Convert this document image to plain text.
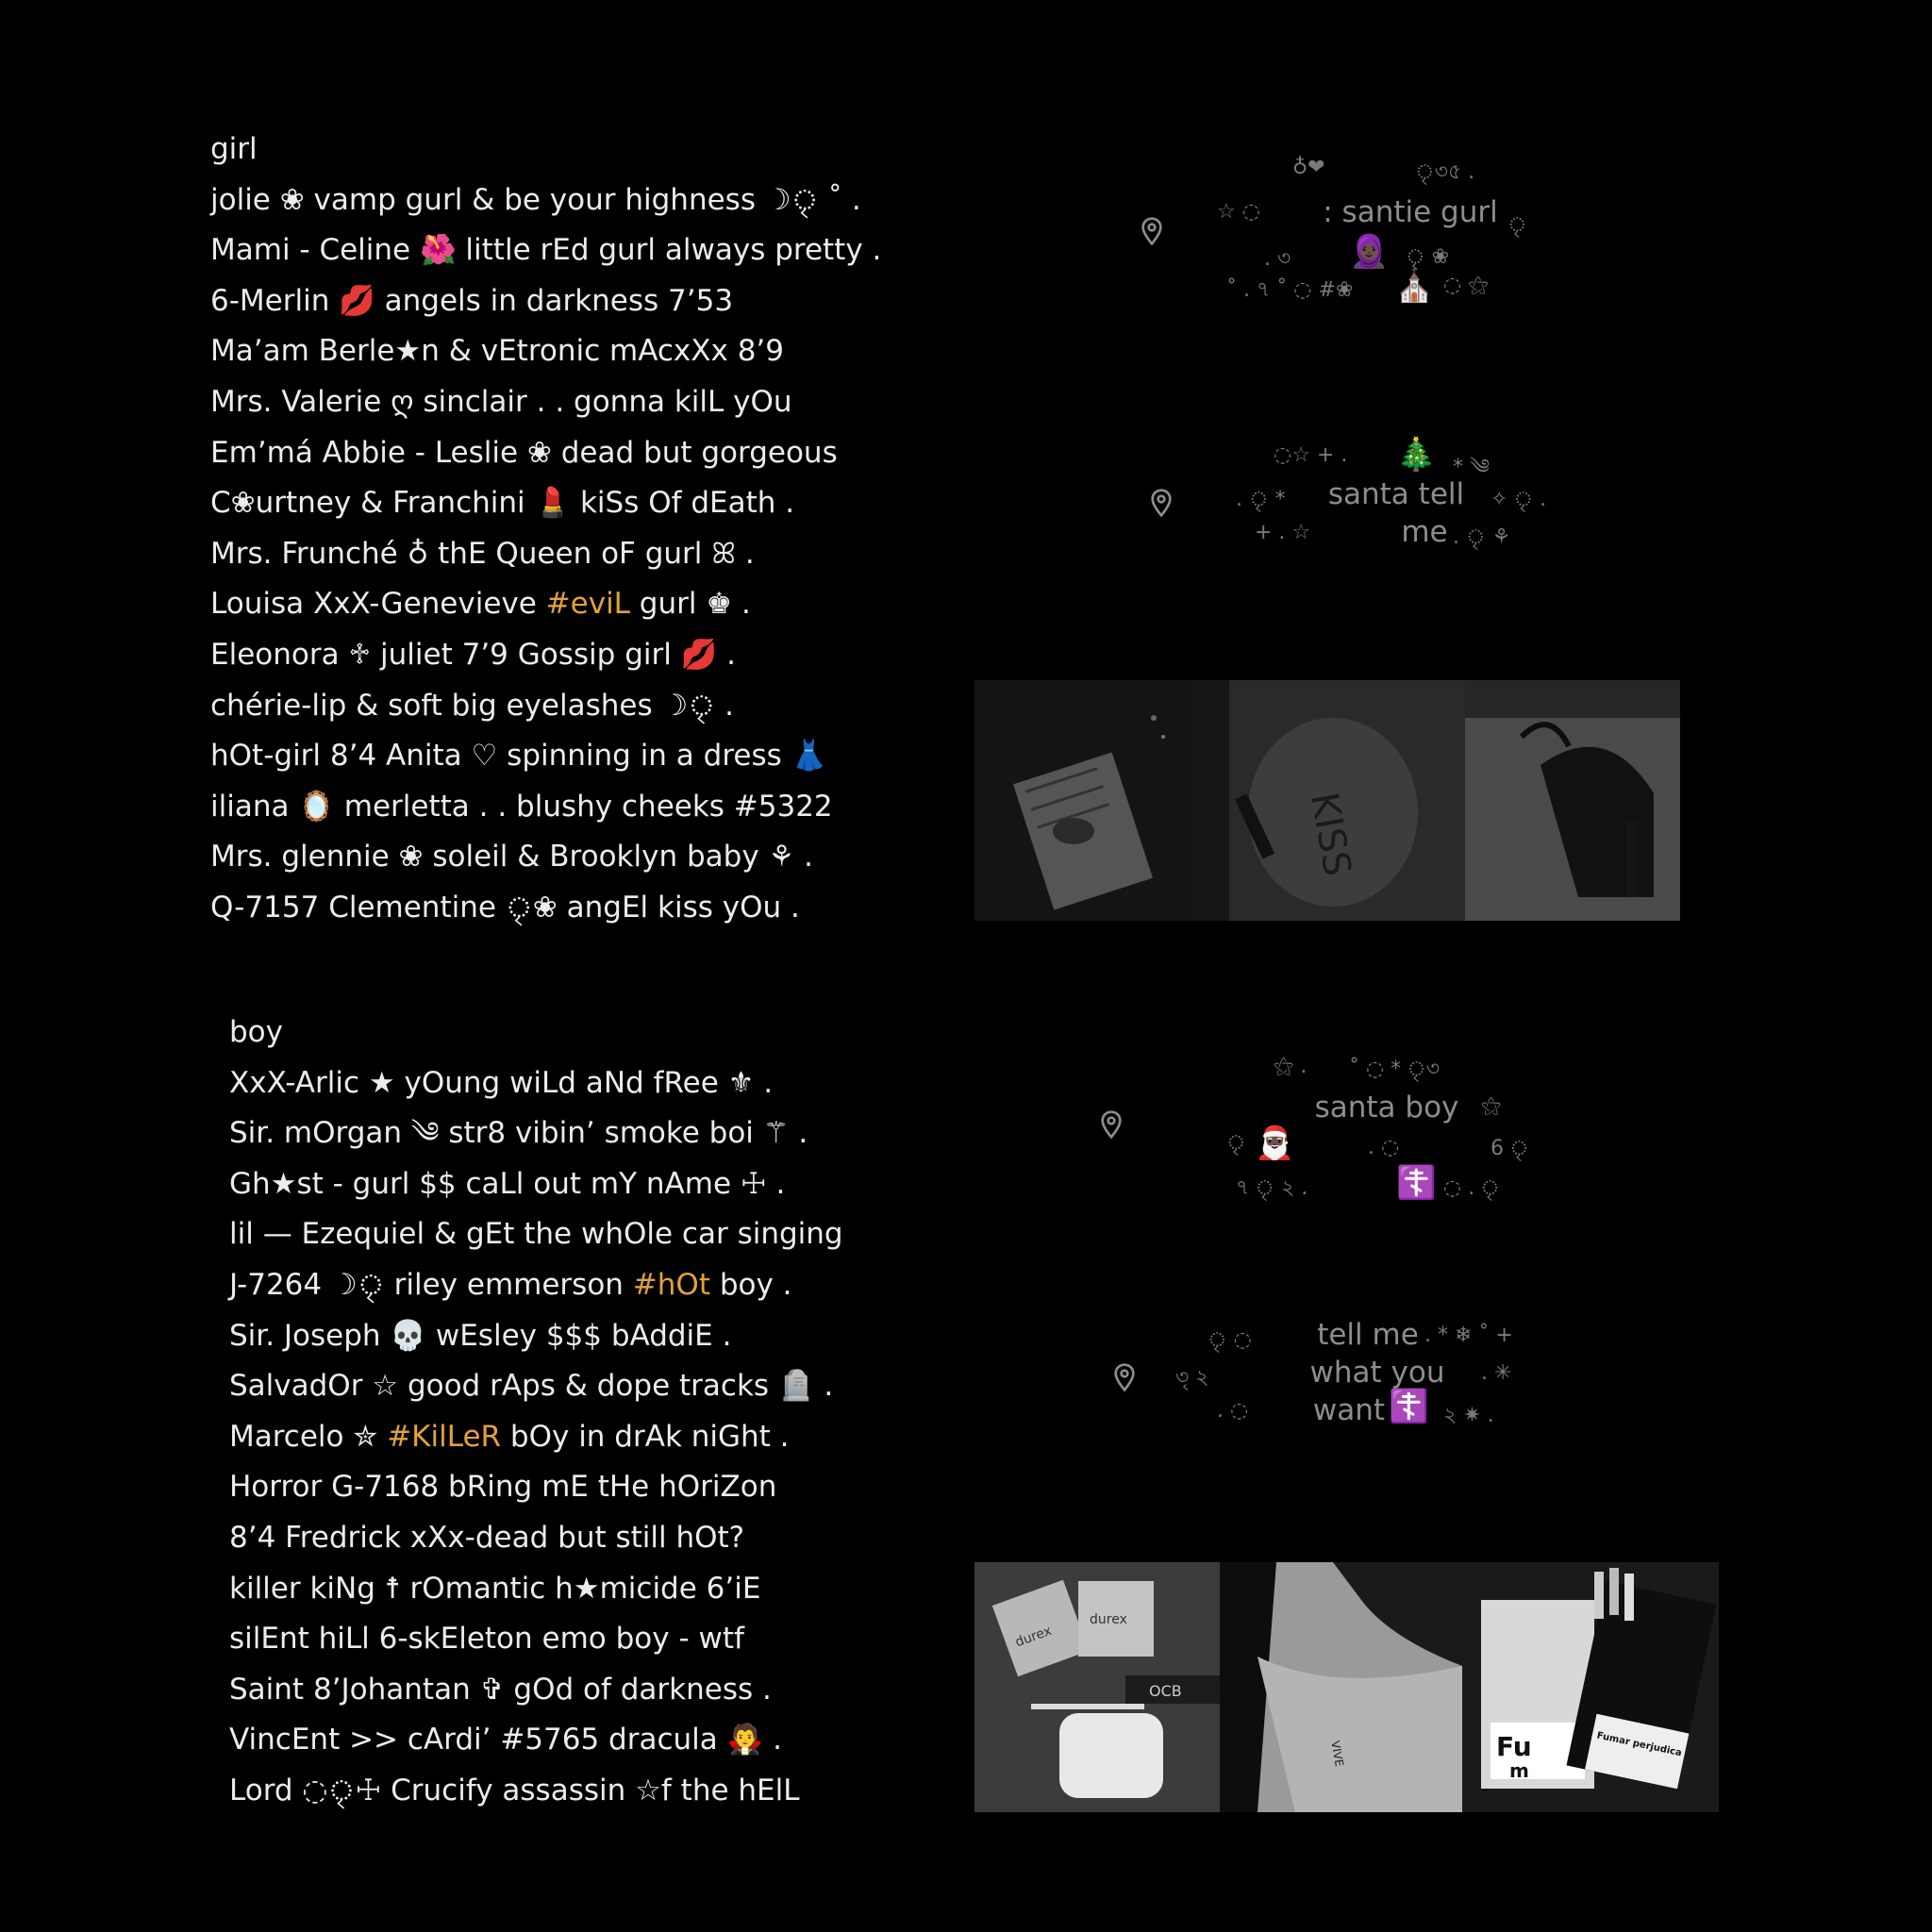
girl
jolie ❀ vamp gurl & be your highness ☽ৃ ˚ .
Mami - Celine 🌺 little rEd gurl always pretty .
6-Merlin 💋 angels in darkness 7’53
Ma’am Berle★n & vEtronic mAcxXx 8’9
Mrs. Valerie ღ sinclair . . gonna kilL yOu
Em’má Abbie - Leslie ❀ dead but gorgeous
C❀urtney & Franchini 💄 kiSs Of dEath .
Mrs. Frunché ♁ thE Queen oF gurl ꕤ .
Louisa XxX-Genevieve #eviL gurl ♚ .
Eleonora ♱ juliet 7’9 Gossip girl 💋 .
chérie-lip & soft big eyelashes ☽ৃ .
hOt-girl 8’4 Anita ♡ spinning in a dress 👗
iliana 🪞 merletta . . blushy cheeks #5322
Mrs. glennie ❀ soleil & Brooklyn baby ⚘ .
Q-7157 Clementine ৃ❀ angEl kiss yOu .
boy
XxX-Arlic ★ yOung wiLd aNd fRee ⚜ .
Sir. mOrgan ༄ str8 vibin’ smoke boi ⚚ .
Gh★st - gurl $$ caLl out mY nAme ☩ .
lil — Ezequiel & gEt the whOle car singing
J-7264 ☽ৃ riley emmerson #hOt boy .
Sir. Joseph 💀 wEsley $$$ bAddiE .
SalvadOr ☆ good rAps & dope tracks 🪦 .
Marcelo ✮ #KilLeR bOy in drAk niGht .
Horror G-7168 bRing mE tHe hOriZon
8’4 Fredrick xXx-dead but still hOt?
killer kiNg ☨ rOmantic h★micide 6’iE
silEnt hiLl 6-skEleton emo boy - wtf
Saint 8’Johantan ✞ gOd of darkness .
VincEnt >> cArdi’ #5765 dracula 🧛 .
Lord ◌ৃ☩ Crucify assassin ☆f the hElL
♁❤	ৃ৩৫ .
☆ ◌	: santie gurl ৃ
. ৩ 🧕🏿 ৃ ❀
˚ . ৭ ˚ ◌ #❀ ⛪ ◌ ⚝
◌☆ + . 🎄 * ༄
. ◌ৃ *	santa tell	✧ ৃ .
+ . ☆	me . ◌ৃ ⚘
⚝ . ˚ ◌ * ৃ৩
santa boy	⚝
◌ৃ 🎅🏿	. ◌	6 ৃ
৭ ৃ ২ .	☦️ ◌ . ৃ
ৃ ◌	tell me . * ❄ ˚ +
৩ৃ ২	what you	. ✳
. ◌	want ☦️ ২ ✷ .
KISS
durex
durex
OCB
VIVE	Fu
m
Fumar perjudica
